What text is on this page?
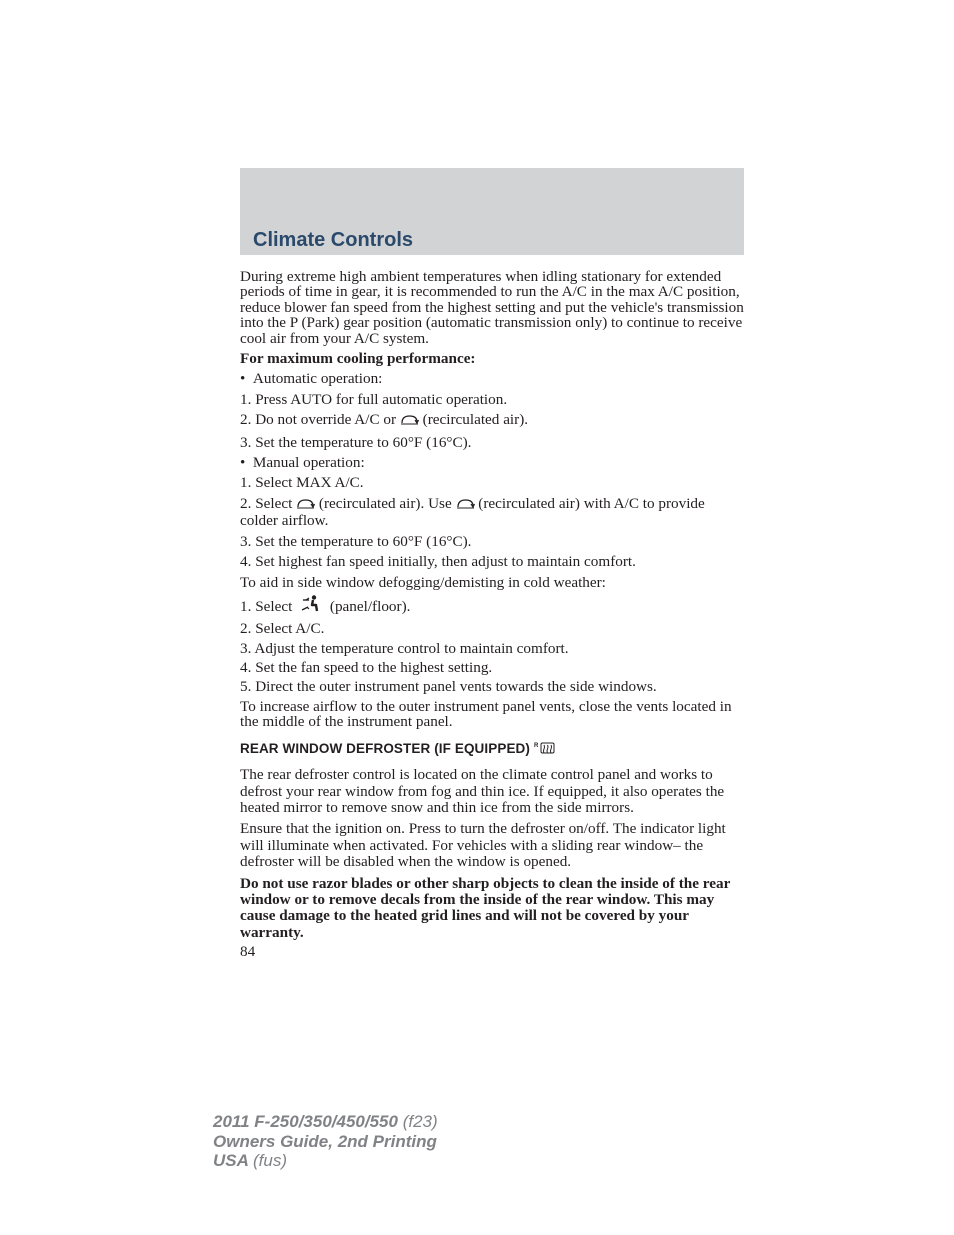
Climate Controls

During extreme high ambient temperatures when idling stationary for extended periods of time in gear, it is recommended to run the A/C in the max A/C position, reduce blower fan speed from the highest setting and put the vehicle's transmission into the P (Park) gear position (automatic transmission only) to continue to receive cool air from your A/C system.

For maximum cooling performance:

•  Automatic operation:

1. Press AUTO for full automatic operation.

2. Do not override A/C or (recirculated air).

3. Set the temperature to 60°F (16°C).

•  Manual operation:

1. Select MAX A/C.

2. Select (recirculated air). Use (recirculated air) with A/C to provide colder airflow.

3. Set the temperature to 60°F (16°C).

4. Set highest fan speed initially, then adjust to maintain comfort.

To aid in side window defogging/demisting in cold weather:

1. Select (panel/floor).

2. Select A/C.

3. Adjust the temperature control to maintain comfort.

4. Set the fan speed to the highest setting.

5. Direct the outer instrument panel vents towards the side windows.

To increase airflow to the outer instrument panel vents, close the vents located in the middle of the instrument panel.

REAR WINDOW DEFROSTER (IF EQUIPPED) R

The rear defroster control is located on the climate control panel and works to defrost your rear window from fog and thin ice. If equipped, it also operates the heated mirror to remove snow and thin ice from the side mirrors.

Ensure that the ignition on. Press to turn the defroster on/off. The indicator light will illuminate when activated. For vehicles with a sliding rear window– the defroster will be disabled when the window is opened.

Do not use razor blades or other sharp objects to clean the inside of the rear window or to remove decals from the inside of the rear window. This may cause damage to the heated grid lines and will not be covered by your warranty.

84

2011 F-250/350/450/550 (f23)
Owners Guide, 2nd Printing
USA (fus)
